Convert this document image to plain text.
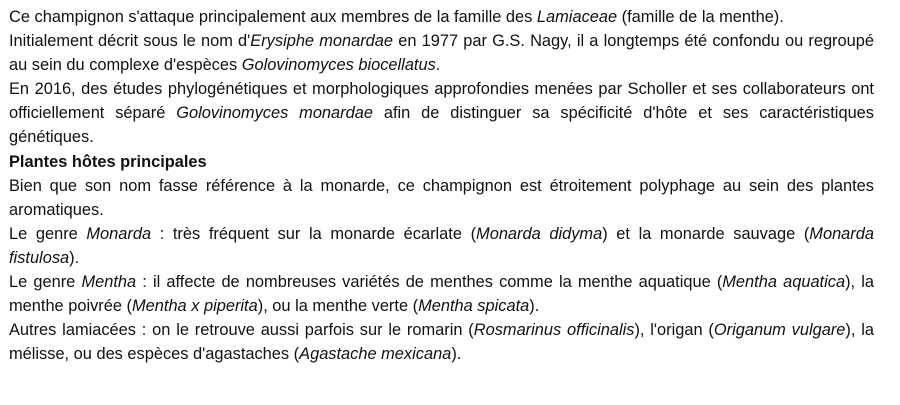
Ce champignon s'attaque principalement aux membres de la famille des Lamiaceae (famille de la menthe).

Initialement décrit sous le nom d'Erysiphe monardae en 1977 par G.S. Nagy, il a longtemps été confondu ou regroupé au sein du complexe d'espèces Golovinomyces biocellatus.

En 2016, des études phylogénétiques et morphologiques approfondies menées par Scholler et ses collaborateurs ont officiellement séparé Golovinomyces monardae afin de distinguer sa spécificité d'hôte et ses caractéristiques génétiques.

Plantes hôtes principales

Bien que son nom fasse référence à la monarde, ce champignon est étroitement polyphage au sein des plantes aromatiques.

Le genre Monarda : très fréquent sur la monarde écarlate (Monarda didyma) et la monarde sauvage (Monarda fistulosa).

Le genre Mentha : il affecte de nombreuses variétés de menthes comme la menthe aquatique (Mentha aquatica), la menthe poivrée (Mentha x piperita), ou la menthe verte (Mentha spicata).

Autres lamiacées : on le retrouve aussi parfois sur le romarin (Rosmarinus officinalis), l'origan (Origanum vulgare), la mélisse, ou des espèces d'agastaches (Agastache mexicana).
